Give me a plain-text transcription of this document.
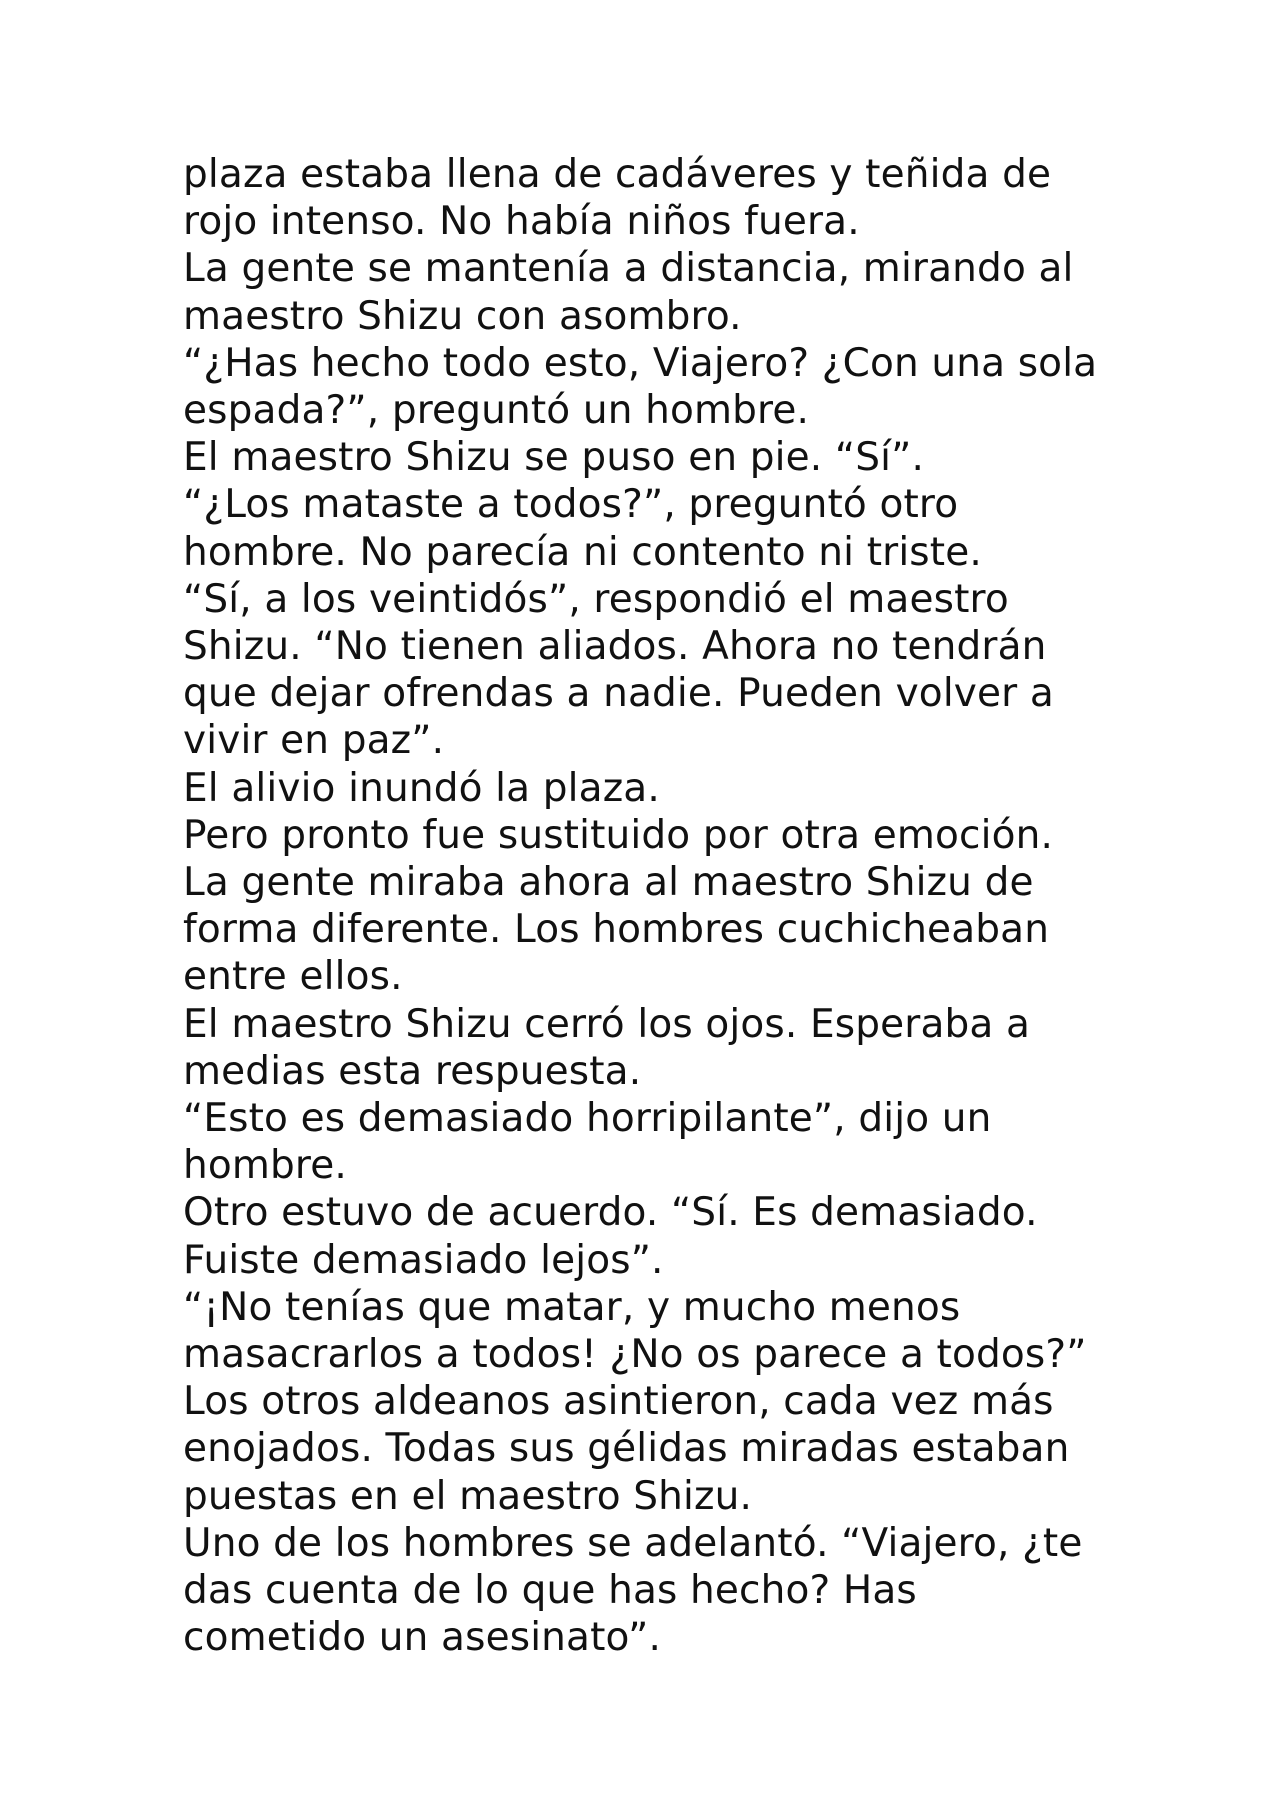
plaza estaba llena de cadáveres y teñida de

rojo intenso. No había niños fuera.

La gente se mantenía a distancia, mirando al

maestro Shizu con asombro.

“¿Has hecho todo esto, Viajero? ¿Con una sola

espada?”, preguntó un hombre.

El maestro Shizu se puso en pie. “Sí”.

“¿Los mataste a todos?”, preguntó otro

hombre. No parecía ni contento ni triste.

“Sí, a los veintidós”, respondió el maestro

Shizu. “No tienen aliados. Ahora no tendrán

que dejar ofrendas a nadie. Pueden volver a

vivir en paz”.

El alivio inundó la plaza.

Pero pronto fue sustituido por otra emoción.

La gente miraba ahora al maestro Shizu de

forma diferente. Los hombres cuchicheaban

entre ellos.

El maestro Shizu cerró los ojos. Esperaba a

medias esta respuesta.

“Esto es demasiado horripilante”, dijo un

hombre.

Otro estuvo de acuerdo. “Sí. Es demasiado.

Fuiste demasiado lejos”.

“¡No tenías que matar, y mucho menos

masacrarlos a todos! ¿No os parece a todos?”

Los otros aldeanos asintieron, cada vez más

enojados. Todas sus gélidas miradas estaban

puestas en el maestro Shizu.

Uno de los hombres se adelantó. “Viajero, ¿te

das cuenta de lo que has hecho? Has

cometido un asesinato”.
